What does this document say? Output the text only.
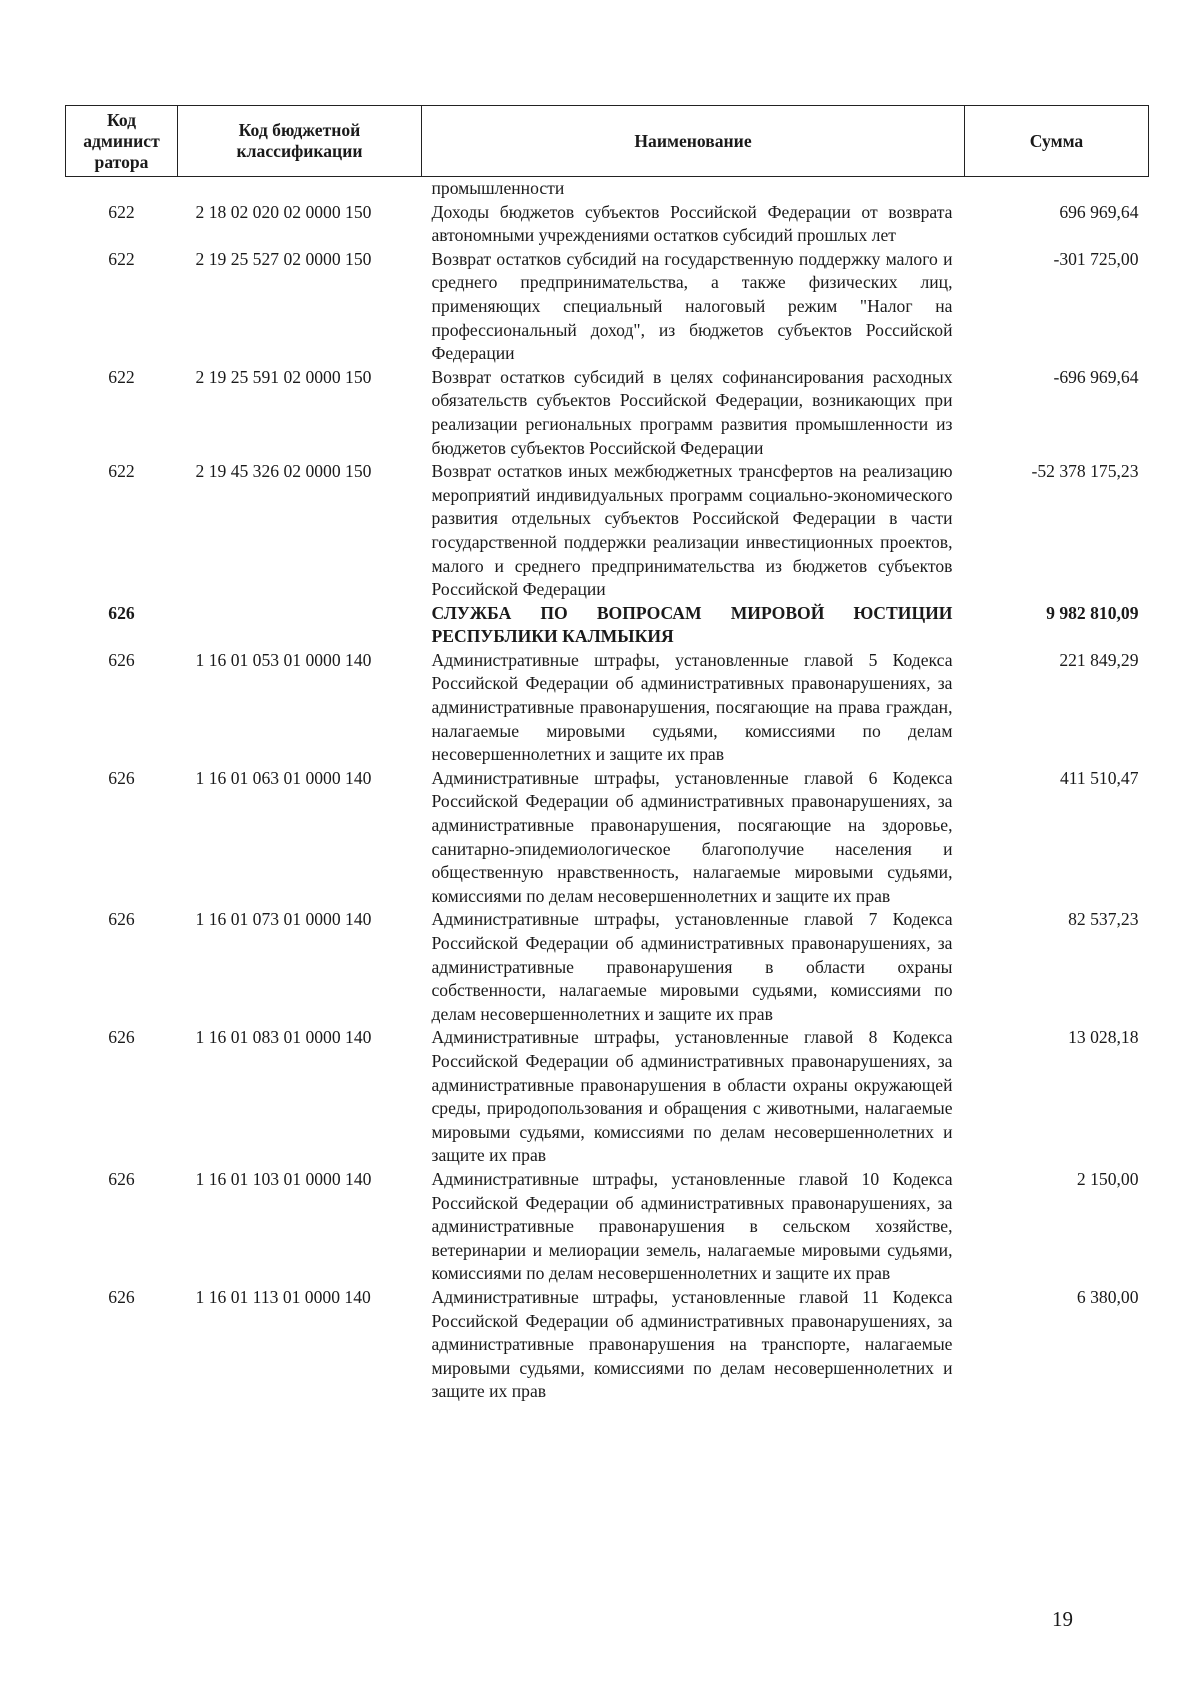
Код админист ратора	Код бюджетной классификации	Наименование	Сумма
		промышленности	
622	2 18 02 020 02 0000 150	Доходы бюджетов субъектов Российской Федерации от возврата автономными учреждениями остатков субсидий прошлых лет	696 969,64
622	2 19 25 527 02 0000 150	Возврат остатков субсидий на государственную поддержку малого и среднего предпринимательства, а также физических лиц, применяющих специальный налоговый режим "Налог на профессиональный доход", из бюджетов субъектов Российской Федерации	-301 725,00
622	2 19 25 591 02 0000 150	Возврат остатков субсидий в целях софинансирования расходных обязательств субъектов Российской Федерации, возникающих при реализации региональных программ развития промышленности из бюджетов субъектов Российской Федерации	-696 969,64
622	2 19 45 326 02 0000 150	Возврат остатков иных межбюджетных трансфертов на реализацию мероприятий индивидуальных программ социально-экономического развития отдельных субъектов Российской Федерации в части государственной поддержки реализации инвестиционных проектов, малого и среднего предпринимательства из бюджетов субъектов Российской Федерации	-52 378 175,23
626		СЛУЖБА ПО ВОПРОСАМ МИРОВОЙ ЮСТИЦИИ РЕСПУБЛИКИ КАЛМЫКИЯ	9 982 810,09
626	1 16 01 053 01 0000 140	Административные штрафы, установленные главой 5 Кодекса Российской Федерации об административных правонарушениях, за административные правонарушения, посягающие на права граждан, налагаемые мировыми судьями, комиссиями по делам несовершеннолетних и защите их прав	221 849,29
626	1 16 01 063 01 0000 140	Административные штрафы, установленные главой 6 Кодекса Российской Федерации об административных правонарушениях, за административные правонарушения, посягающие на здоровье, санитарно-эпидемиологическое благополучие населения и общественную нравственность, налагаемые мировыми судьями, комиссиями по делам несовершеннолетних и защите их прав	411 510,47
626	1 16 01 073 01 0000 140	Административные штрафы, установленные главой 7 Кодекса Российской Федерации об административных правонарушениях, за административные правонарушения в области охраны собственности, налагаемые мировыми судьями, комиссиями по делам несовершеннолетних и защите их прав	82 537,23
626	1 16 01 083 01 0000 140	Административные штрафы, установленные главой 8 Кодекса Российской Федерации об административных правонарушениях, за административные правонарушения в области охраны окружающей среды, природопользования и обращения с животными, налагаемые мировыми судьями, комиссиями по делам несовершеннолетних и защите их прав	13 028,18
626	1 16 01 103 01 0000 140	Административные штрафы, установленные главой 10 Кодекса Российской Федерации об административных правонарушениях, за административные правонарушения в сельском хозяйстве, ветеринарии и мелиорации земель, налагаемые мировыми судьями, комиссиями по делам несовершеннолетних и защите их прав	2 150,00
626	1 16 01 113 01 0000 140	Административные штрафы, установленные главой 11 Кодекса Российской Федерации об административных правонарушениях, за административные правонарушения на транспорте, налагаемые мировыми судьями, комиссиями по делам несовершеннолетних и защите их прав	6 380,00
19
